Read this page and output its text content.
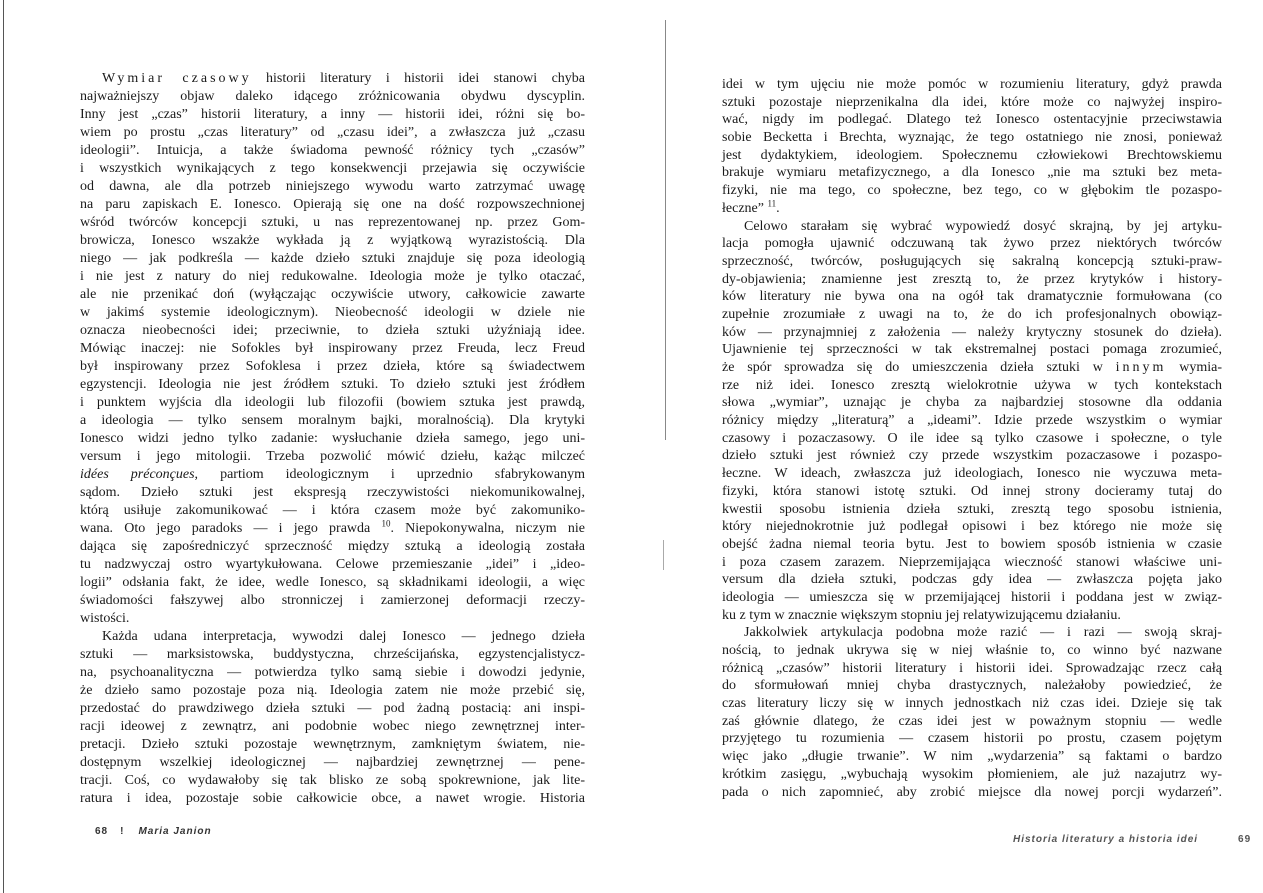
Wymiar czasowy historii literatury i historii idei stanowi chyba
najważniejszy objaw daleko idącego zróżnicowania obydwu dyscyplin.
Inny jest „czas” historii literatury, a inny — historii idei, różni się bo-
wiem po prostu „czas literatury” od „czasu idei”, a zwłaszcza już „czasu
ideologii”. Intuicja, a także świadoma pewność różnicy tych „czasów”
i wszystkich wynikających z tego konsekwencji przejawia się oczywiście
od dawna, ale dla potrzeb niniejszego wywodu warto zatrzymać uwagę
na paru zapiskach E. Ionesco. Opierają się one na dość rozpowszechnionej
wśród twórców koncepcji sztuki, u nas reprezentowanej np. przez Gom-
browicza, Ionesco wszakże wykłada ją z wyjątkową wyrazistością. Dla
niego — jak podkreśla — każde dzieło sztuki znajduje się poza ideologią
i nie jest z natury do niej redukowalne. Ideologia może je tylko otaczać,
ale nie przenikać doń (wyłączając oczywiście utwory, całkowicie zawarte
w jakimś systemie ideologicznym). Nieobecność ideologii w dziele nie
oznacza nieobecności idei; przeciwnie, to dzieła sztuki użyźniają idee.
Mówiąc inaczej: nie Sofokles był inspirowany przez Freuda, lecz Freud
był inspirowany przez Sofoklesa i przez dzieła, które są świadectwem
egzystencji. Ideologia nie jest źródłem sztuki. To dzieło sztuki jest źródłem
i punktem wyjścia dla ideologii lub filozofii (bowiem sztuka jest prawdą,
a ideologia — tylko sensem moralnym bajki, moralnością). Dla krytyki
Ionesco widzi jedno tylko zadanie: wysłuchanie dzieła samego, jego uni-
versum i jego mitologii. Trzeba pozwolić mówić dziełu, każąc milczeć
idées préconçues, partiom ideologicznym i uprzednio sfabrykowanym
sądom. Dzieło sztuki jest ekspresją rzeczywistości niekomunikowalnej,
którą usiłuje zakomunikować — i która czasem może być zakomuniko-
wana. Oto jego paradoks — i jego prawda $^{10}$. Niepokonywalna, niczym nie
dająca się zapośredniczyć sprzeczność między sztuką a ideologią została
tu nadzwyczaj ostro wyartykułowana. Celowe przemieszanie „idei” i „ideo-
logii” odsłania fakt, że idee, wedle Ionesco, są składnikami ideologii, a więc
świadomości fałszywej albo stronniczej i zamierzonej deformacji rzeczy-
wistości.
Każda udana interpretacja, wywodzi dalej Ionesco — jednego dzieła
sztuki — marksistowska, buddystyczna, chrześcijańska, egzystencjalistycz-
na, psychoanalityczna — potwierdza tylko samą siebie i dowodzi jedynie,
że dzieło samo pozostaje poza nią. Ideologia zatem nie może przebić się,
przedostać do prawdziwego dzieła sztuki — pod żadną postacią: ani inspi-
racji ideowej z zewnątrz, ani podobnie wobec niego zewnętrznej inter-
pretacji. Dzieło sztuki pozostaje wewnętrznym, zamkniętym światem, nie-
dostępnym wszelkiej ideologicznej — najbardziej zewnętrznej — pene-
tracji. Coś, co wydawałoby się tak blisko ze sobą spokrewnione, jak lite-
ratura i idea, pozostaje sobie całkowicie obce, a nawet wrogie. Historia
idei w tym ujęciu nie może pomóc w rozumieniu literatury, gdyż prawda
sztuki pozostaje nieprzenikalna dla idei, które może co najwyżej inspiro-
wać, nigdy im podlegać. Dlatego też Ionesco ostentacyjnie przeciwstawia
sobie Becketta i Brechta, wyznając, że tego ostatniego nie znosi, ponieważ
jest dydaktykiem, ideologiem. Społecznemu człowiekowi Brechtowskiemu
brakuje wymiaru metafizycznego, a dla Ionesco „nie ma sztuki bez meta-
fizyki, nie ma tego, co społeczne, bez tego, co w głębokim tle pozaspo-
łeczne” $^{11}$.
Celowo starałam się wybrać wypowiedź dosyć skrajną, by jej artyku-
lacja pomogła ujawnić odczuwaną tak żywo przez niektórych twórców
sprzeczność, twórców, posługujących się sakralną koncepcją sztuki-praw-
dy-objawienia; znamienne jest zresztą to, że przez krytyków i history-
ków literatury nie bywa ona na ogół tak dramatycznie formułowana (co
zupełnie zrozumiałe z uwagi na to, że do ich profesjonalnych obowiąz-
ków — przynajmniej z założenia — należy krytyczny stosunek do dzieła).
Ujawnienie tej sprzeczności w tak ekstremalnej postaci pomaga zrozumieć,
że spór sprowadza się do umieszczenia dzieła sztuki w innym wymia-
rze niż idei. Ionesco zresztą wielokrotnie używa w tych kontekstach
słowa „wymiar”, uznając je chyba za najbardziej stosowne dla oddania
różnicy między „literaturą” a „ideami”. Idzie przede wszystkim o wymiar
czasowy i pozaczasowy. O ile idee są tylko czasowe i społeczne, o tyle
dzieło sztuki jest również czy przede wszystkim pozaczasowe i pozaspo-
łeczne. W ideach, zwłaszcza już ideologiach, Ionesco nie wyczuwa meta-
fizyki, która stanowi istotę sztuki. Od innej strony docieramy tutaj do
kwestii sposobu istnienia dzieła sztuki, zresztą tego sposobu istnienia,
który niejednokrotnie już podlegał opisowi i bez którego nie może się
obejść żadna niemal teoria bytu. Jest to bowiem sposób istnienia w czasie
i poza czasem zarazem. Nieprzemijająca wieczność stanowi właściwe uni-
versum dla dzieła sztuki, podczas gdy idea — zwłaszcza pojęta jako
ideologia — umieszcza się w przemijającej historii i poddana jest w związ-
ku z tym w znacznie większym stopniu jej relatywizującemu działaniu.
Jakkolwiek artykulacja podobna może razić — i razi — swoją skraj-
nością, to jednak ukrywa się w niej właśnie to, co winno być nazwane
różnicą „czasów” historii literatury i historii idei. Sprowadzając rzecz całą
do sformułowań mniej chyba drastycznych, należałoby powiedzieć, że
czas literatury liczy się w innych jednostkach niż czas idei. Dzieje się tak
zaś głównie dlatego, że czas idei jest w poważnym stopniu — wedle
przyjętego tu rozumienia — czasem historii po prostu, czasem pojętym
więc jako „długie trwanie”. W nim „wydarzenia” są faktami o bardzo
krótkim zasięgu, „wybuchają wysokim płomieniem, ale już nazajutrz wy-
pada o nich zapomnieć, aby zrobić miejsce dla nowej porcji wydarzeń”.
68 ! Maria Janion
Historia literatury a historia idei	69
